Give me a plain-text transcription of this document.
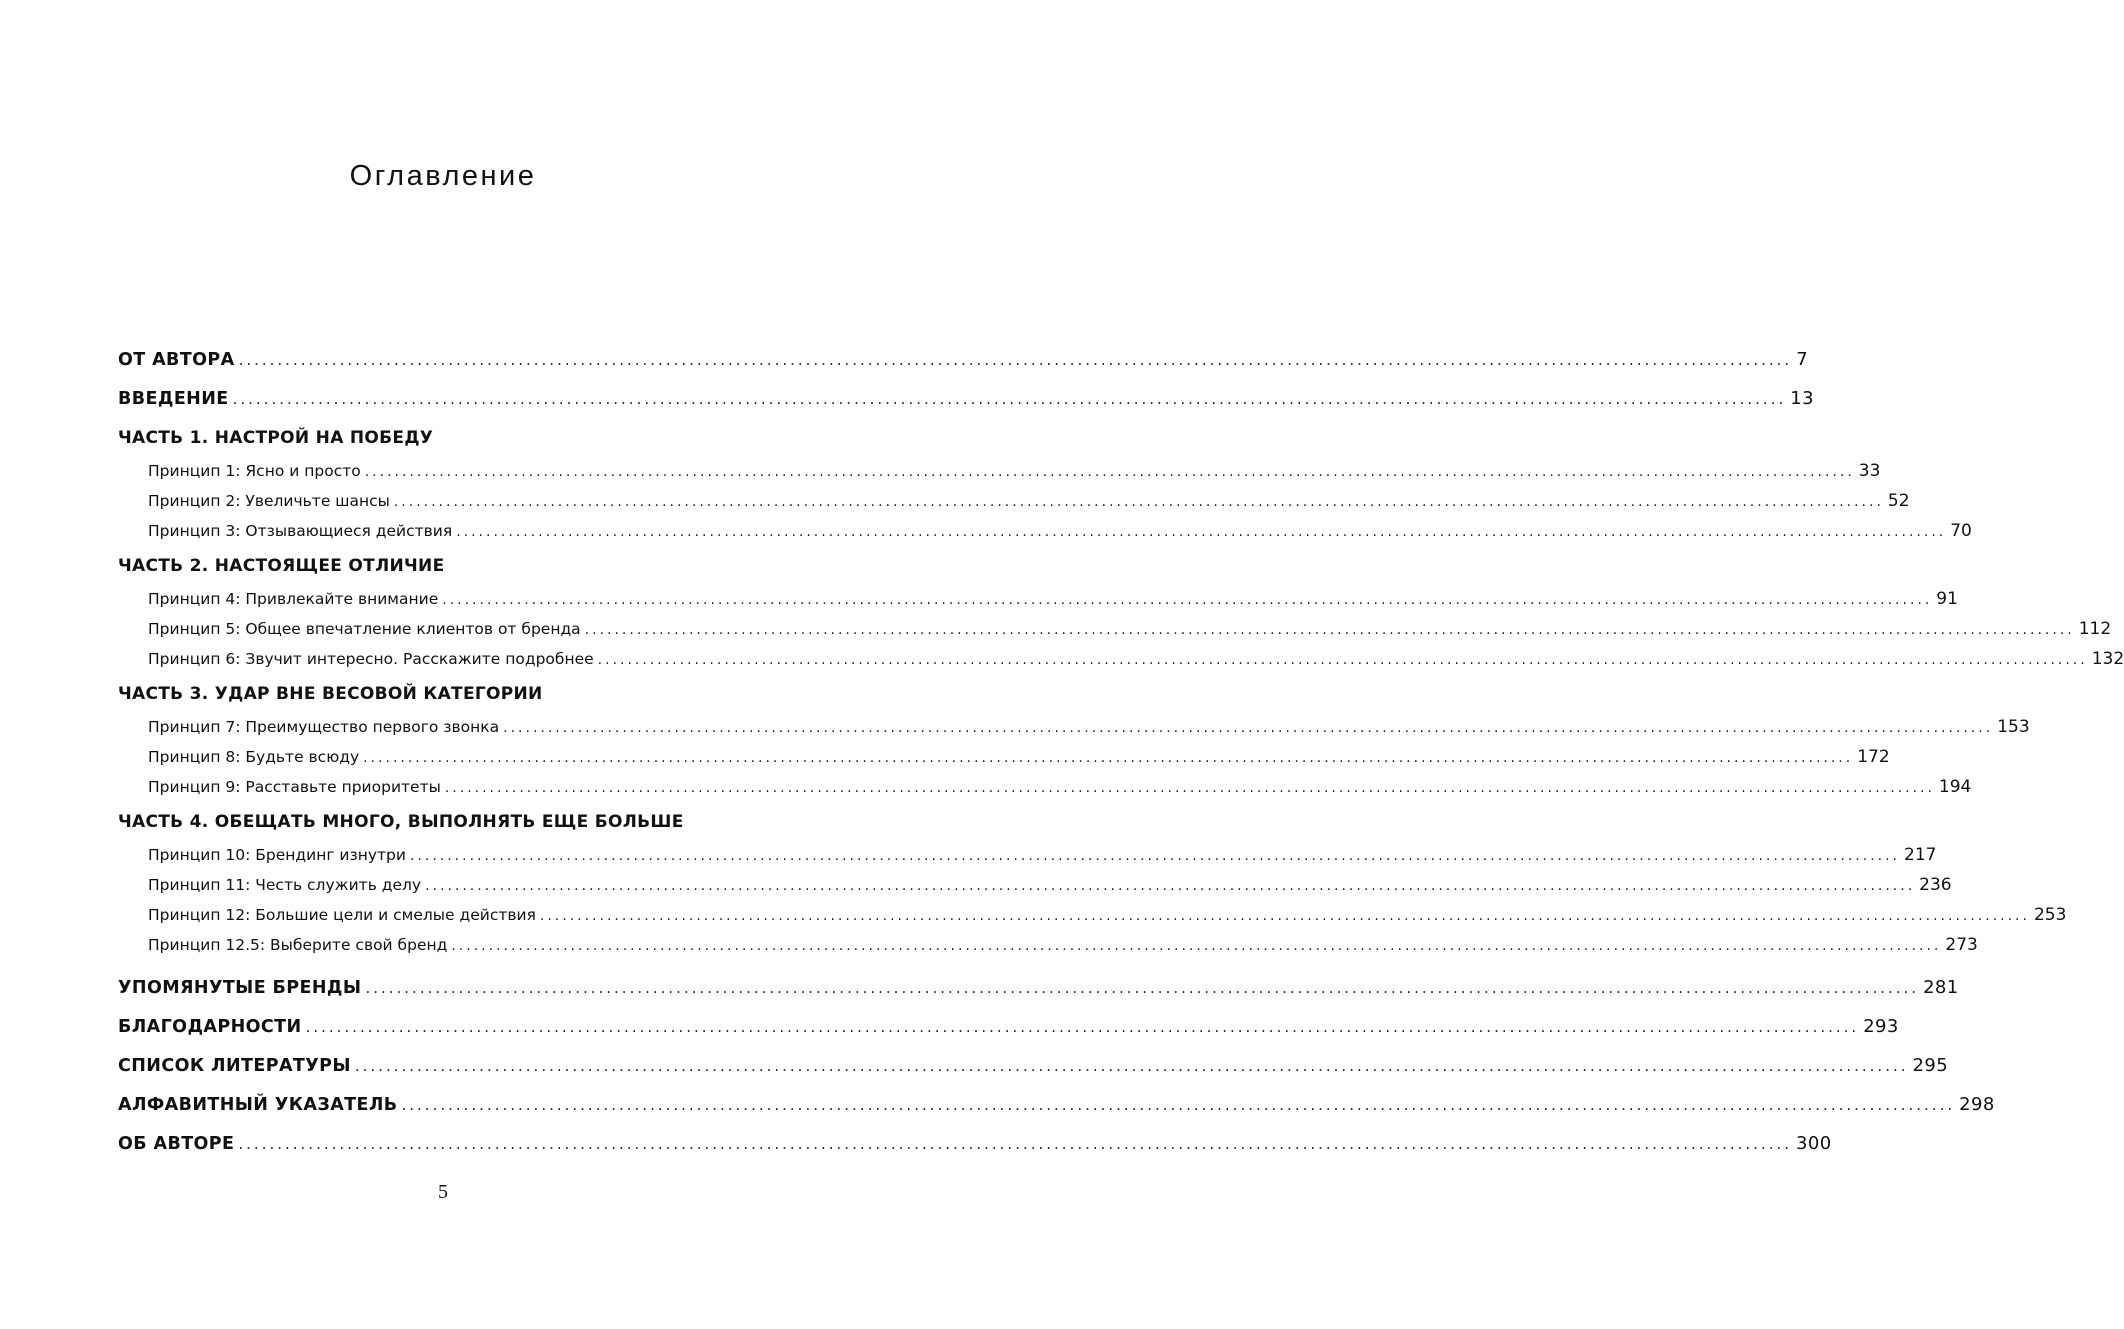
Оглавление
ОТ АВТОРА ........................................................................................................................................................................................................ 7
ВВЕДЕНИЕ ........................................................................................................................................................................................................ 13
ЧАСТЬ 1. НАСТРОЙ НА ПОБЕДУ
Принцип 1: Ясно и просто ........................................................................................................................................................................................................ 33
Принцип 2: Увеличьте шансы ........................................................................................................................................................................................................ 52
Принцип 3: Отзывающиеся действия ........................................................................................................................................................................................................ 70
ЧАСТЬ 2. НАСТОЯЩЕЕ ОТЛИЧИЕ
Принцип 4: Привлекайте внимание ........................................................................................................................................................................................................ 91
Принцип 5: Общее впечатление клиентов от бренда ........................................................................................................................................................................................................ 112
Принцип 6: Звучит интересно. Расскажите подробнее ........................................................................................................................................................................................................ 132
ЧАСТЬ 3. УДАР ВНЕ ВЕСОВОЙ КАТЕГОРИИ
Принцип 7: Преимущество первого звонка ........................................................................................................................................................................................................ 153
Принцип 8: Будьте всюду ........................................................................................................................................................................................................ 172
Принцип 9: Расставьте приоритеты ........................................................................................................................................................................................................ 194
ЧАСТЬ 4. ОБЕЩАТЬ МНОГО, ВЫПОЛНЯТЬ ЕЩЕ БОЛЬШЕ
Принцип 10: Брендинг изнутри ........................................................................................................................................................................................................ 217
Принцип 11: Честь служить делу ........................................................................................................................................................................................................ 236
Принцип 12: Большие цели и смелые действия ........................................................................................................................................................................................................ 253
Принцип 12.5: Выберите свой бренд ........................................................................................................................................................................................................ 273
УПОМЯНУТЫЕ БРЕНДЫ ........................................................................................................................................................................................................ 281
БЛАГОДАРНОСТИ ........................................................................................................................................................................................................ 293
СПИСОК ЛИТЕРАТУРЫ ........................................................................................................................................................................................................ 295
АЛФАВИТНЫЙ УКАЗАТЕЛЬ ........................................................................................................................................................................................................ 298
ОБ АВТОРЕ ........................................................................................................................................................................................................ 300
5
